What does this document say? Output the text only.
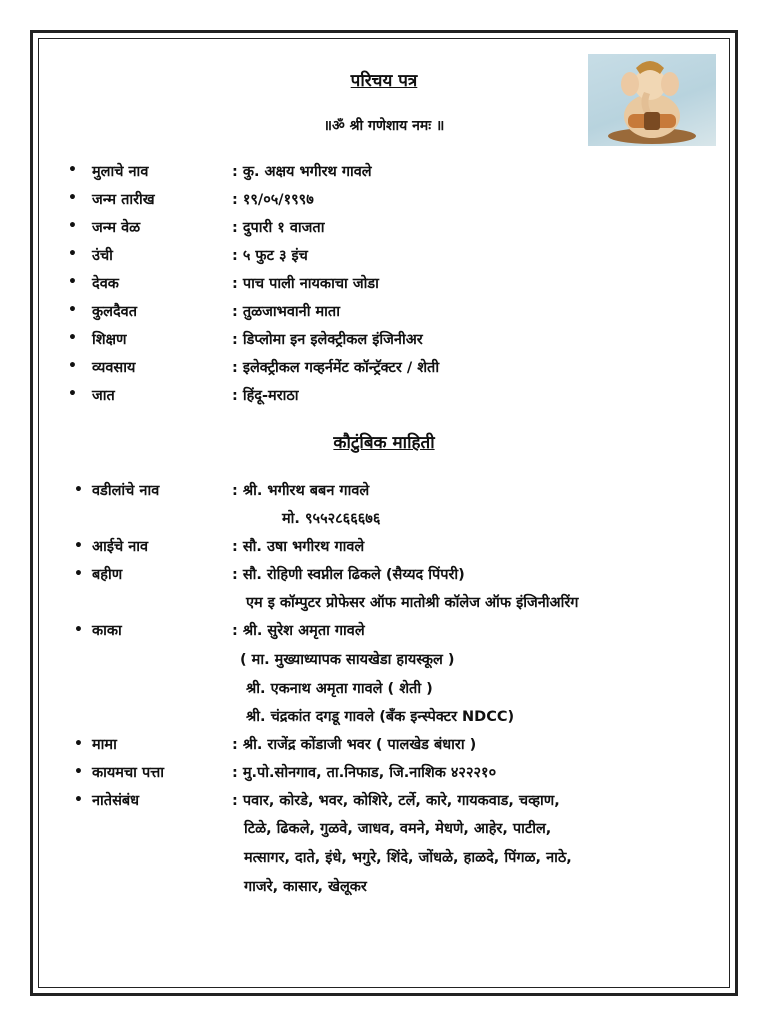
परिचय पत्र
॥ॐ श्री गणेशाय नमः ॥
• मुलाचे नाव	: कु. अक्षय भगीरथ गावले
• जन्म तारीख	: १९/०५/१९९७
• जन्म वेळ	: दुपारी १ वाजता
• उंची	: ५ फुट ३ इंच
• देवक	: पाच पाली नायकाचा जोडा
• कुलदैवत	: तुळजाभवानी माता
• शिक्षण	: डिप्लोमा इन इलेक्ट्रीकल इंजिनीअर
• व्यवसाय	: इलेक्ट्रीकल गव्हर्नमेंट कॉन्ट्रॅक्टर / शेती
• जात	: हिंदू-मराठा
कौटुंबिक माहिती
• वडीलांचे नाव	: श्री. भगीरथ बबन गावले
मो. ९५५२८६६६७६
• आईचे नाव	: सौ. उषा भगीरथ गावले
• बहीण	: सौ. रोहिणी स्वप्नील ढिकले (सैय्यद पिंपरी)
एम इ कॉम्पुटर प्रोफेसर ऑफ मातोश्री कॉलेज ऑफ इंजिनीअरिंग
• काका	: श्री. सुरेश अमृता गावले
( मा. मुख्याध्यापक सायखेडा हायस्कूल )
श्री. एकनाथ अमृता गावले ( शेती )
श्री. चंद्रकांत दगडू गावले (बँक इन्स्पेक्टर NDCC)
• मामा	: श्री. राजेंद्र कोंडाजी भवर ( पालखेड बंधारा )
• कायमचा पत्ता	: मु.पो.सोनगाव, ता.निफाड, जि.नाशिक ४२२२१०
• नातेसंबंध	: पवार, कोरडे, भवर, कोशिरे, टर्ले, कारे, गायकवाड, चव्हाण,
टिळे, ढिकले, गुळवे, जाधव, वमने, मेधणे, आहेर, पाटील,
मत्सागर, दाते, इंधे, भगुरे, शिंदे, जोंधळे, हाळदे, पिंगळ, नाठे,
गाजरे, कासार, खेलूकर
